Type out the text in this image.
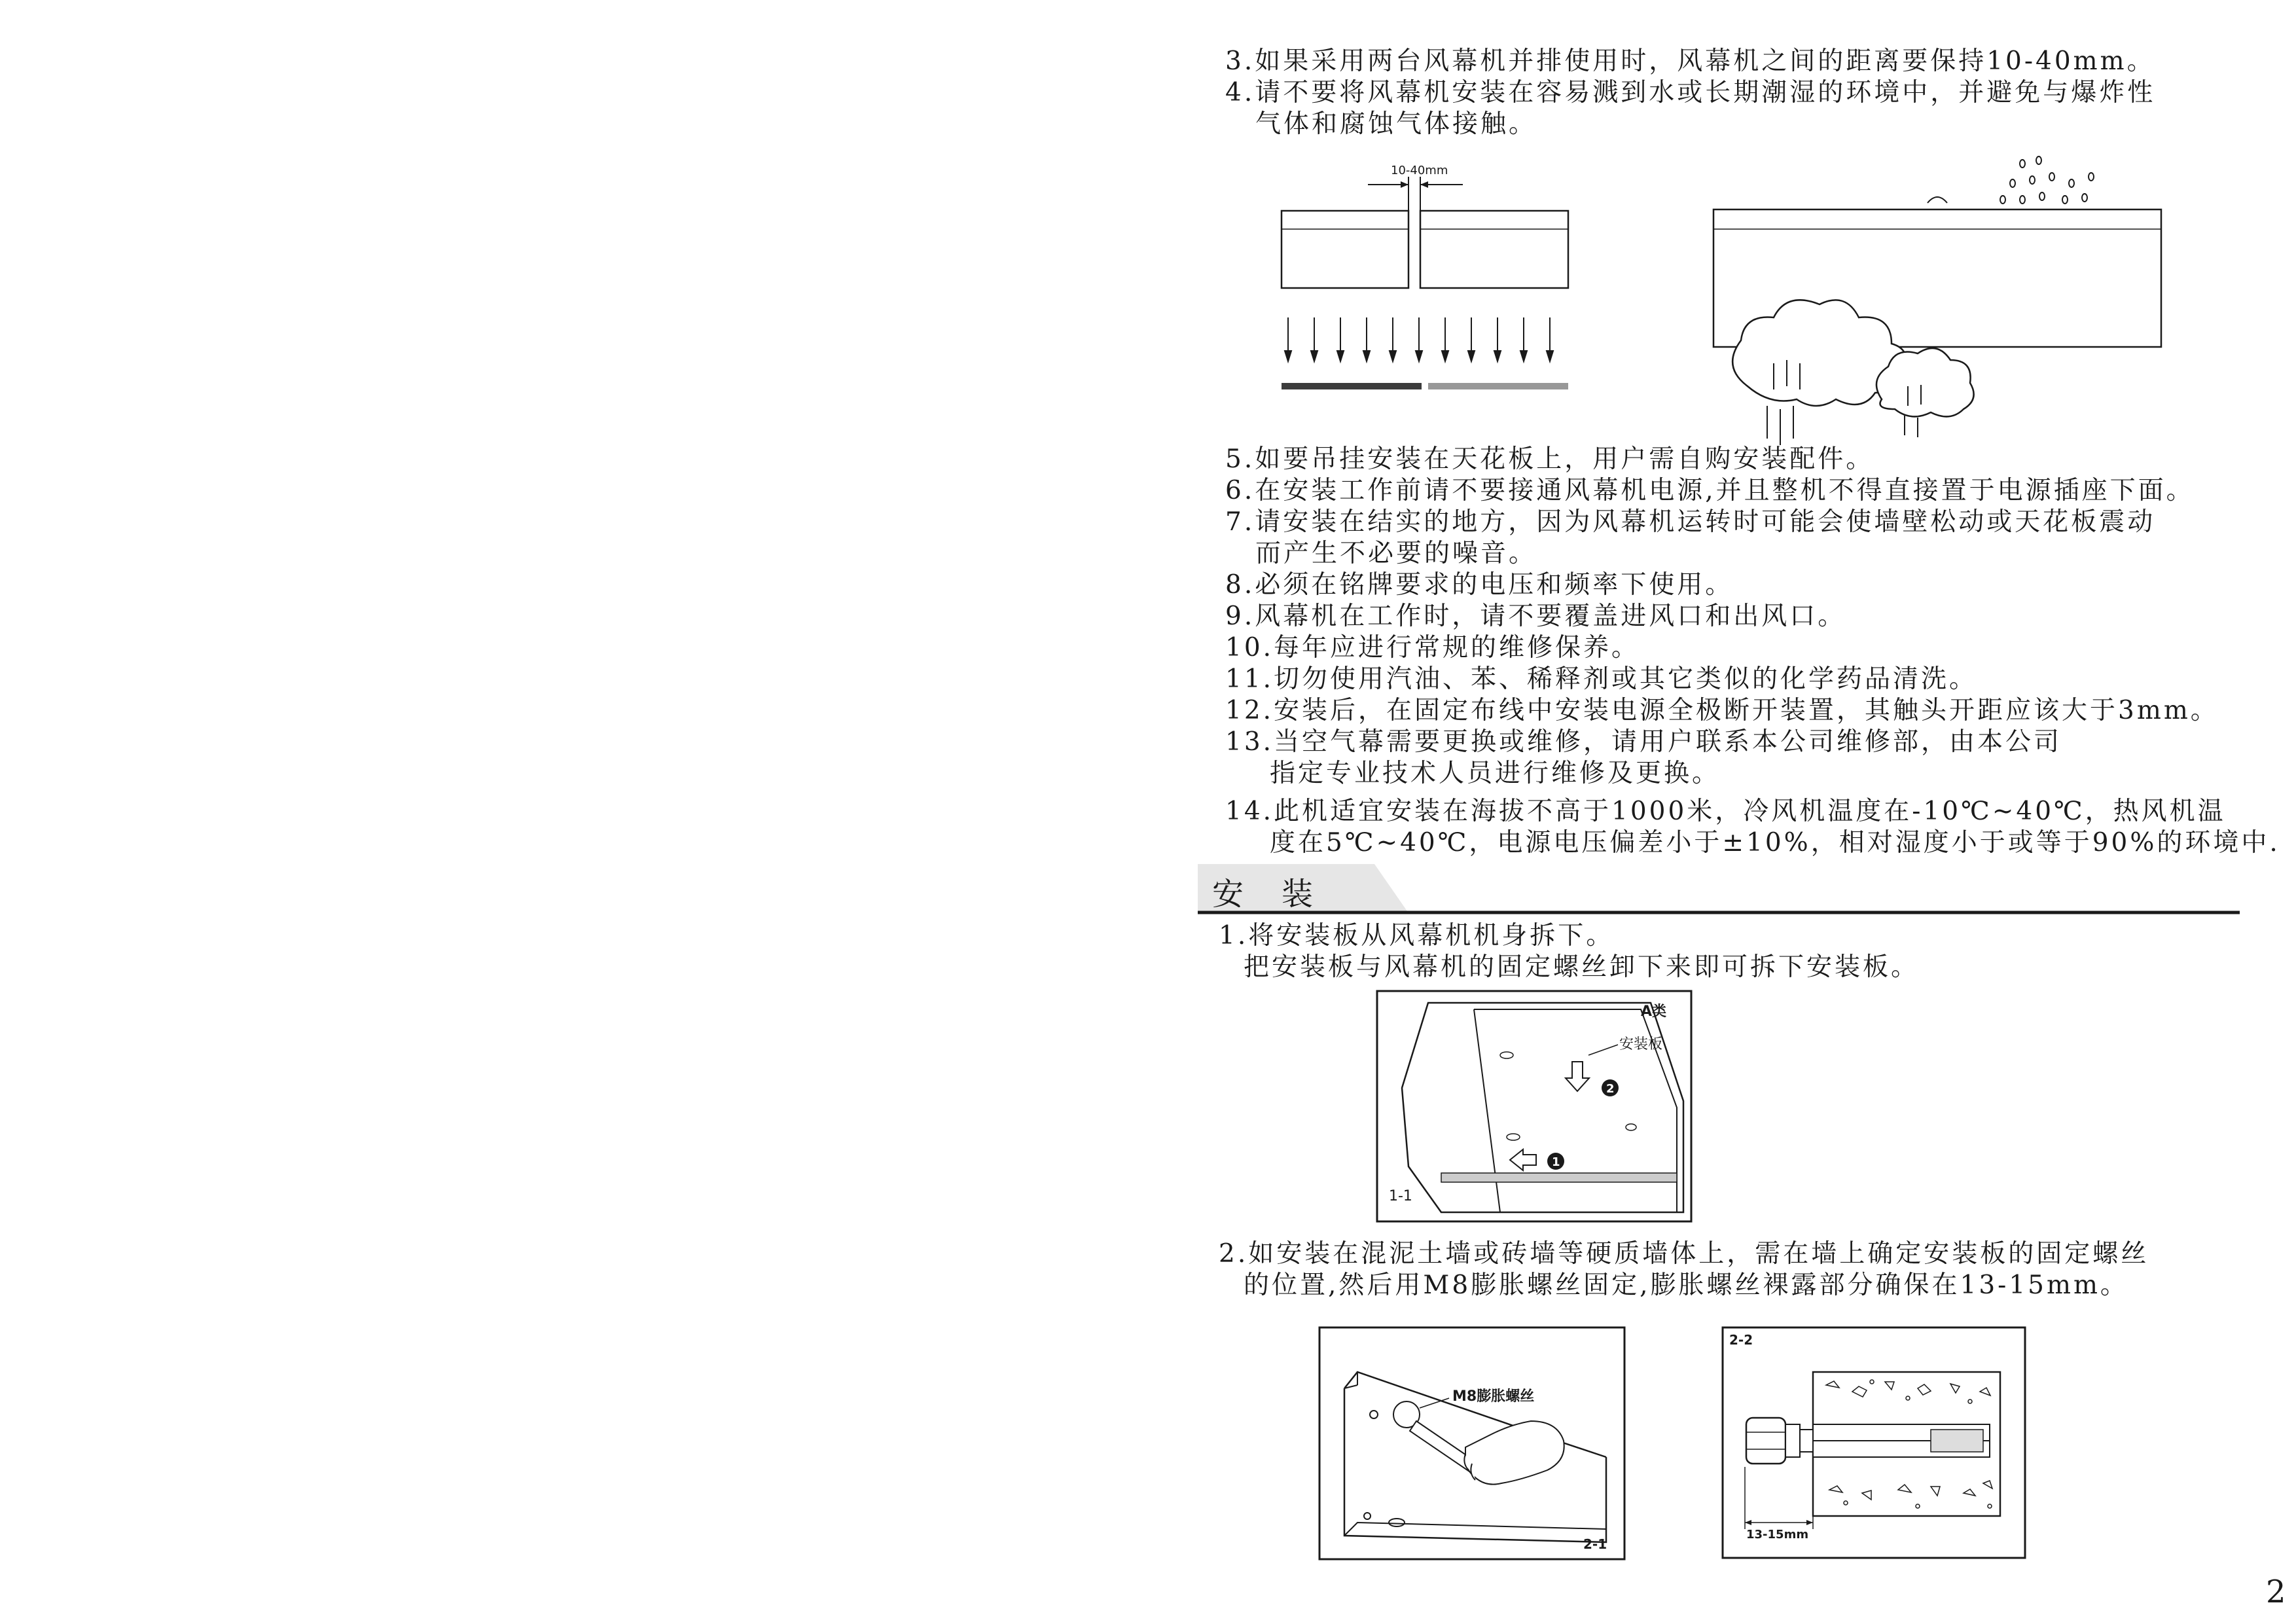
3.如果采用两台风幕机并排使用时，风幕机之间的距离要保持10-40mm。
4.请不要将风幕机安装在容易溅到水或长期潮湿的环境中，并避免与爆炸性
气体和腐蚀气体接触。
10-40mm
5.如要吊挂安装在天花板上，用户需自购安装配件。
6.在安装工作前请不要接通风幕机电源,并且整机不得直接置于电源插座下面。
7.请安装在结实的地方，因为风幕机运转时可能会使墙壁松动或天花板震动
而产生不必要的噪音。
8.必须在铭牌要求的电压和频率下使用。
9.风幕机在工作时，请不要覆盖进风口和出风口。
10.每年应进行常规的维修保养。
11.切勿使用汽油、苯、稀释剂或其它类似的化学药品清洗。
12.安装后，在固定布线中安装电源全极断开装置，其触头开距应该大于3mm。
13.当空气幕需要更换或维修，请用户联系本公司维修部，由本公司
指定专业技术人员进行维修及更换。
14.此机适宜安装在海拔不高于1000米，冷风机温度在-10℃~40℃，热风机温
度在5℃~40℃，电源电压偏差小于±10%，相对湿度小于或等于90%的环境中.
安装
1.将安装板从风幕机机身拆下。
把安装板与风幕机的固定螺丝卸下来即可拆下安装板。
2
1
A类
安装板
1-1
2.如安装在混泥土墙或砖墙等硬质墙体上，需在墙上确定安装板的固定螺丝
的位置,然后用M8膨胀螺丝固定,膨胀螺丝裸露部分确保在13-15mm。
M8膨胀螺丝
2-1
2-2
13-15mm
2
